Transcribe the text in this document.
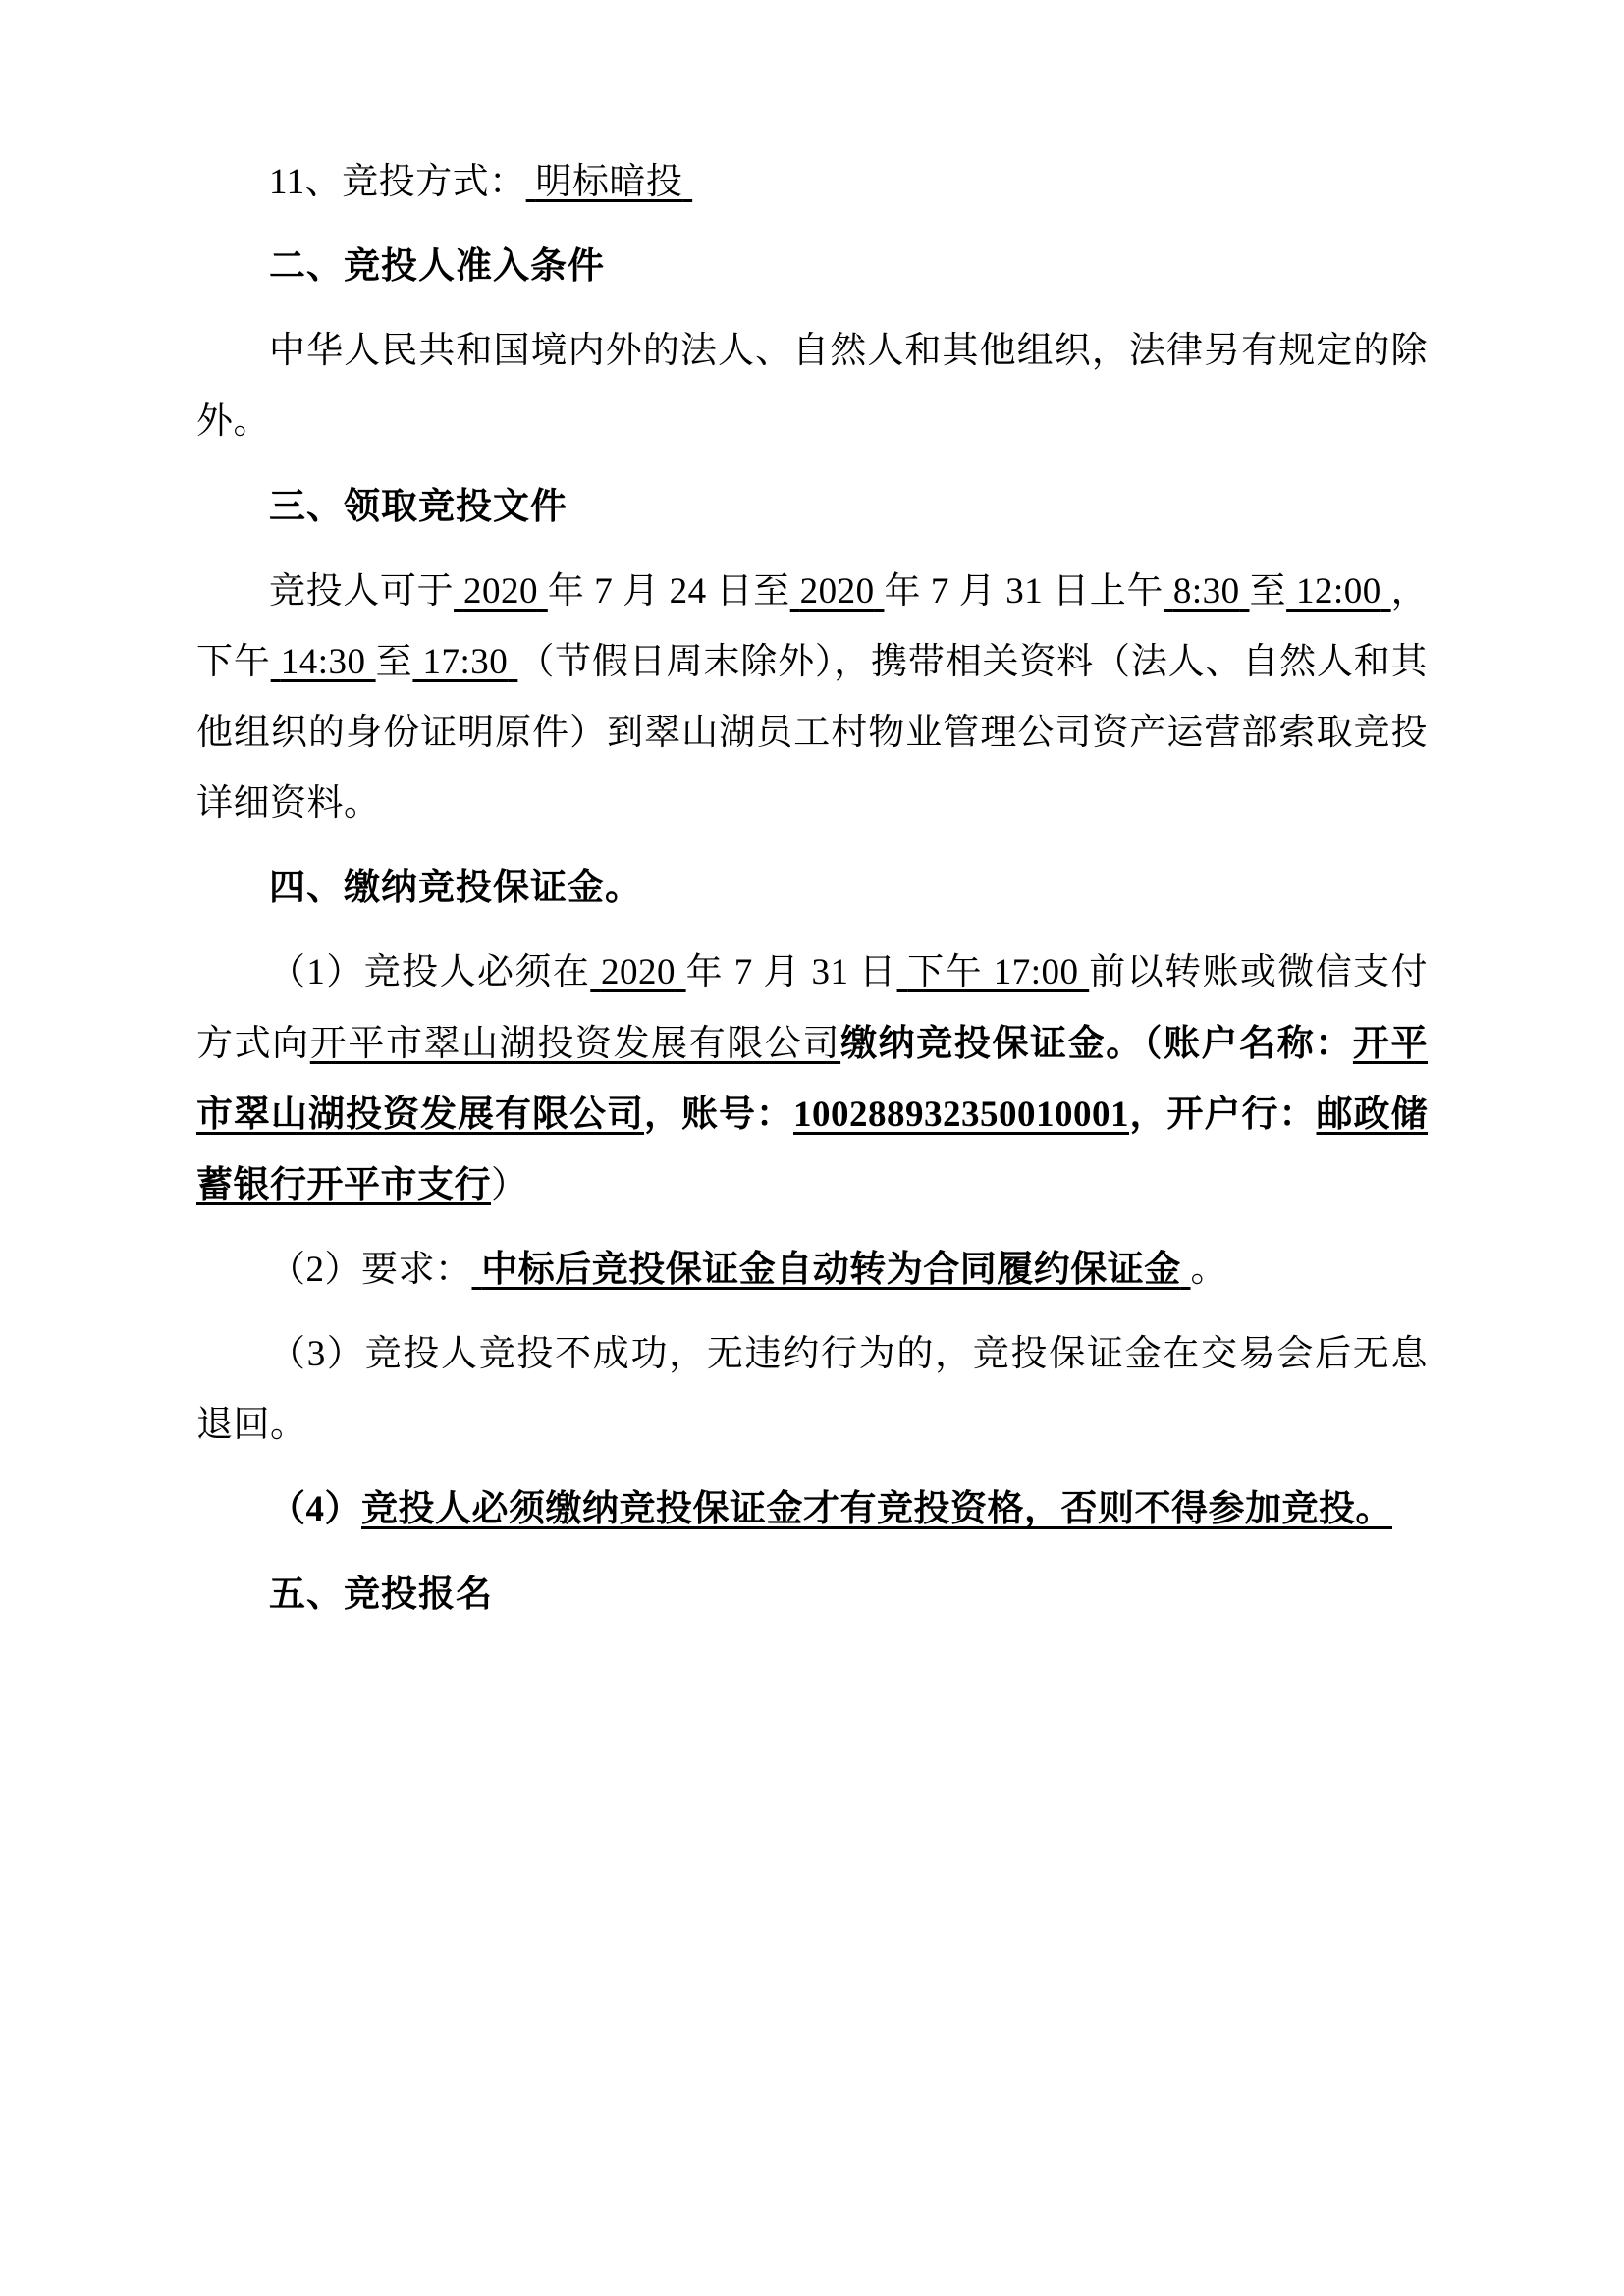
11、竞投方式： 明标暗投

二、竞投人准入条件

中华人民共和国境内外的法人、自然人和其他组织，法律另有规定的除外。

三、领取竞投文件

竞投人可于 2020 年 7 月 24 日至 2020 年 7 月 31 日上午 8:30 至 12:00 ，下午 14:30 至 17:30 （节假日周末除外），携带相关资料（法人、自然人和其他组织的身份证明原件）到翠山湖员工村物业管理公司资产运营部索取竞投详细资料。

四、缴纳竞投保证金。

（1）竞投人必须在 2020 年 7 月 31 日 下午 17:00 前以转账或微信支付方式向开平市翠山湖投资发展有限公司缴纳竞投保证金。（账户名称：开平市翠山湖投资发展有限公司，账号：100288932350010001，开户行：邮政储蓄银行开平市支行）

（2）要求： 中标后竞投保证金自动转为合同履约保证金 。

（3）竞投人竞投不成功，无违约行为的，竞投保证金在交易会后无息退回。

（4）竞投人必须缴纳竞投保证金才有竞投资格，否则不得参加竞投。

五、竞投报名
